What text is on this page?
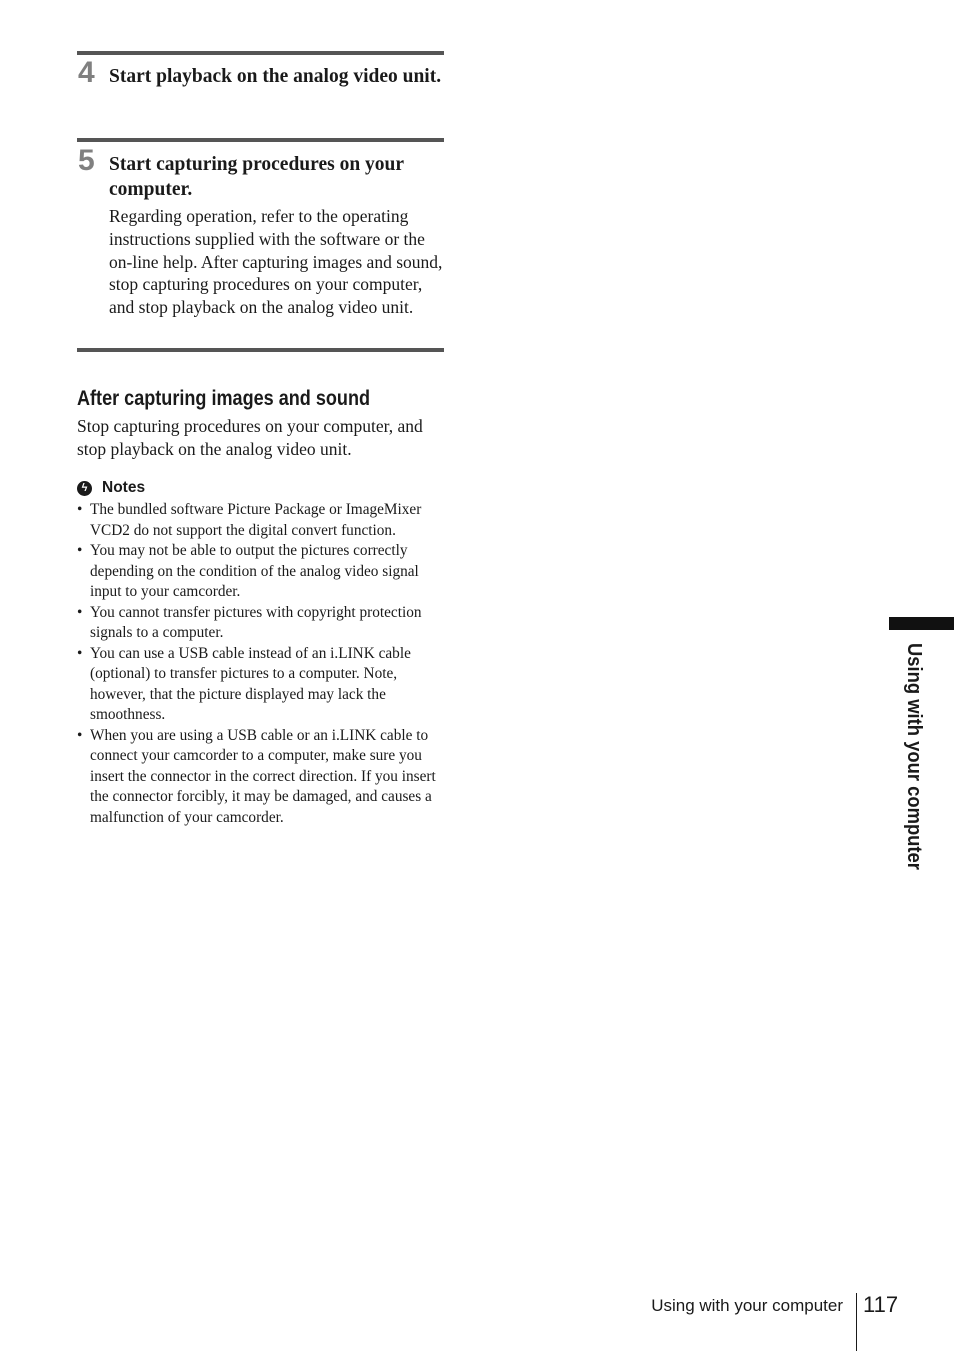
4 Start playback on the analog video unit.

5 Start capturing procedures on your computer.

Regarding operation, refer to the operating instructions supplied with the software or the on-line help. After capturing images and sound, stop capturing procedures on your computer, and stop playback on the analog video unit.

After capturing images and sound

Stop capturing procedures on your computer, and stop playback on the analog video unit.

ϟ Notes
• The bundled software Picture Package or ImageMixer VCD2 do not support the digital convert function.
• You may not be able to output the pictures correctly depending on the condition of the analog video signal input to your camcorder.
• You cannot transfer pictures with copyright protection signals to a computer.
• You can use a USB cable instead of an i.LINK cable (optional) to transfer pictures to a computer. Note, however, that the picture displayed may lack the smoothness.
• When you are using a USB cable or an i.LINK cable to connect your camcorder to a computer, make sure you insert the connector in the correct direction. If you insert the connector forcibly, it may be damaged, and causes a malfunction of your camcorder.	Using with your computer
Using with your computer 117
